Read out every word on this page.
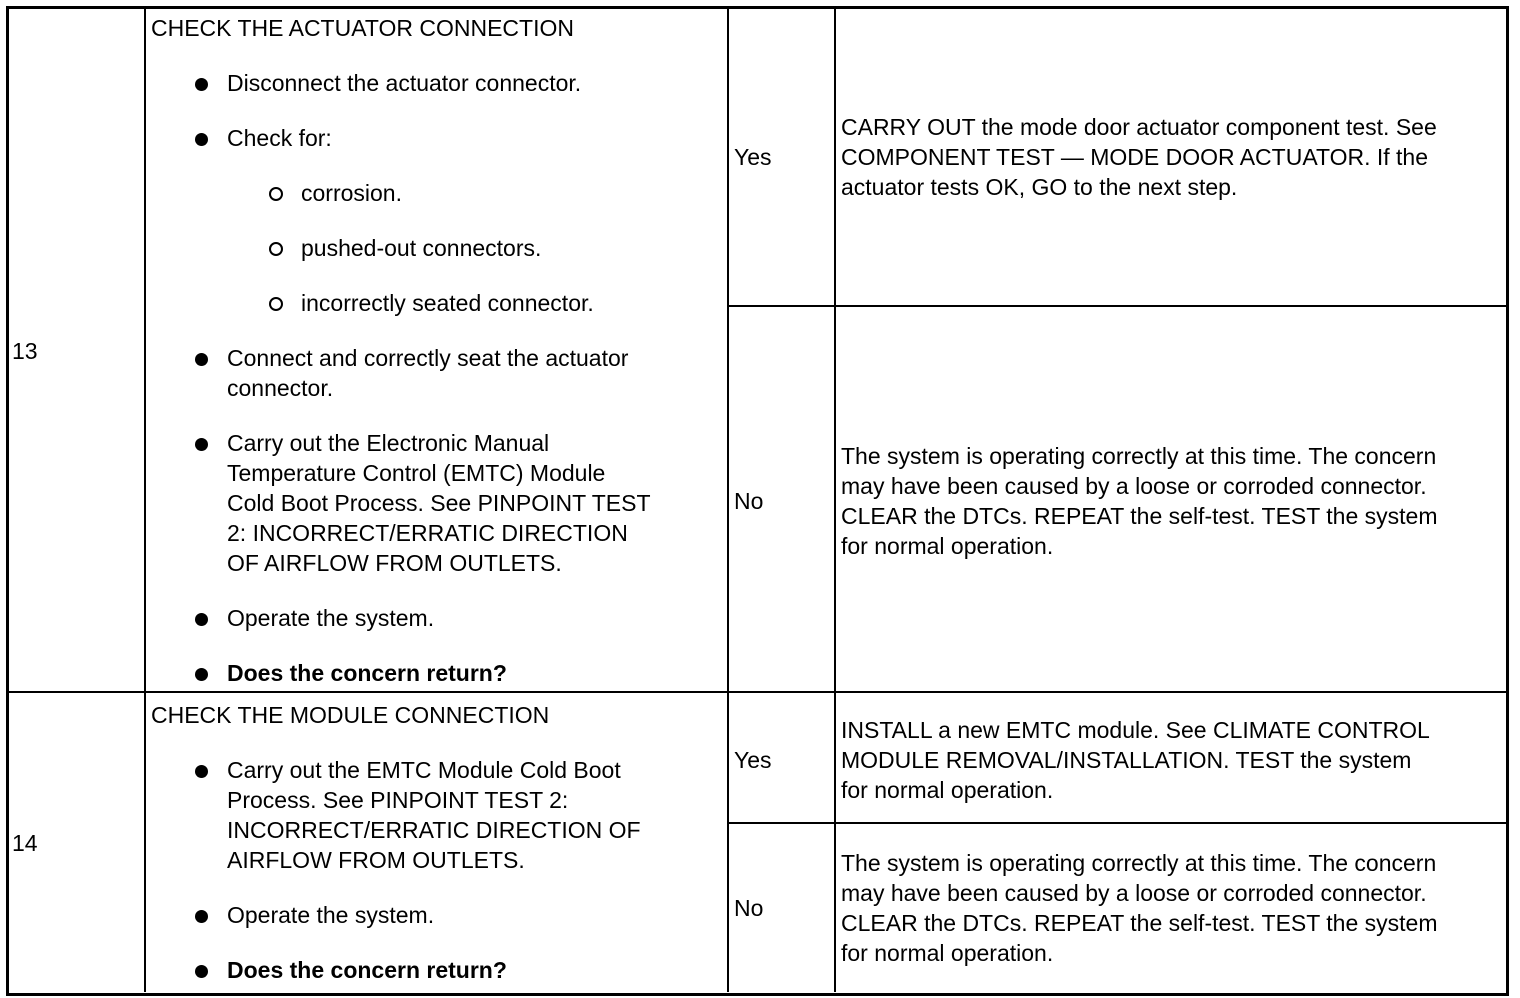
13
CHECK THE ACTUATOR CONNECTION
Disconnect the actuator connector.
Check for:
corrosion.
pushed-out connectors.
incorrectly seated connector.
Connect and correctly seat the actuator
connector.
Carry out the Electronic Manual
Temperature Control (EMTC) Module
Cold Boot Process. See PINPOINT TEST
2: INCORRECT/ERRATIC DIRECTION
OF AIRFLOW FROM OUTLETS.
Operate the system.
Does the concern return?
Yes
CARRY OUT the mode door actuator component test. See
COMPONENT TEST — MODE DOOR ACTUATOR. If the
actuator tests OK, GO to the next step.
No
The system is operating correctly at this time. The concern
may have been caused by a loose or corroded connector.
CLEAR the DTCs. REPEAT the self-test. TEST the system
for normal operation.
14
CHECK THE MODULE CONNECTION
Carry out the EMTC Module Cold Boot
Process. See PINPOINT TEST 2:
INCORRECT/ERRATIC DIRECTION OF
AIRFLOW FROM OUTLETS.
Operate the system.
Does the concern return?
Yes
INSTALL a new EMTC module. See CLIMATE CONTROL
MODULE REMOVAL/INSTALLATION. TEST the system
for normal operation.
No
The system is operating correctly at this time. The concern
may have been caused by a loose or corroded connector.
CLEAR the DTCs. REPEAT the self-test. TEST the system
for normal operation.
